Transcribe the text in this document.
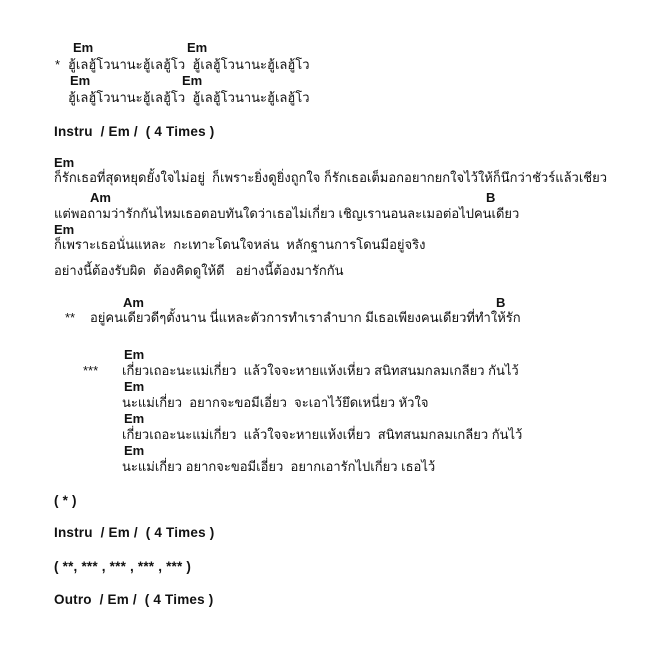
Em	Em
* ฮู้เลฮู้โวนานะฮู้เลฮู้โว  ฮู้เลฮู้โวนานะฮู้เลฮู้โว
Em	Em
ฮู้เลฮู้โวนานะฮู้เลฮู้โว  ฮู้เลฮู้โวนานะฮู้เลฮู้โว
Instru  / Em /  ( 4 Times )
Em
ก็รักเธอที่สุดหยุดยั้งใจไม่อยู่  ก็เพราะยิ่งดูยิ่งถูกใจ ก็รักเธอเต็มอกอยากยกใจไว้ให้ก็นึกว่าชัวร์แล้วเชียว
Am	B
แต่พอถามว่ารักกันไหมเธอตอบทันใดว่าเธอไม่เกี่ยว เชิญเรานอนละเมอต่อไปคนเดียว
Em
ก็เพราะเธอนั่นแหละ  กะเทาะโดนใจหล่น  หลักฐานการโดนมีอยู่จริง
อย่างนี้ต้องรับผิด  ต้องคิดดูให้ดี   อย่างนี้ต้องมารักกัน
Am	B
** อยู่คนเดียวดีๆตั้งนาน นี่แหละตัวการทำเราลำบาก มีเธอเพียงคนเดียวที่ทำให้รัก
Em
*** เกี่ยวเถอะนะแม่เกี่ยว  แล้วใจจะหายแห้งเหี่ยว สนิทสนมกลมเกลียว กันไว้
Em
นะแม่เกี่ยว  อยากจะขอมีเอี่ยว  จะเอาไว้ยึดเหนี่ยว หัวใจ
Em
เกี่ยวเถอะนะแม่เกี่ยว  แล้วใจจะหายแห้งเหี่ยว  สนิทสนมกลมเกลียว กันไว้
Em
นะแม่เกี่ยว อยากจะขอมีเอี่ยว  อยากเอารักไปเกี่ยว เธอไว้
( * )
Instru  / Em /  ( 4 Times )
( **, *** , *** , *** , *** )
Outro  / Em /  ( 4 Times )
